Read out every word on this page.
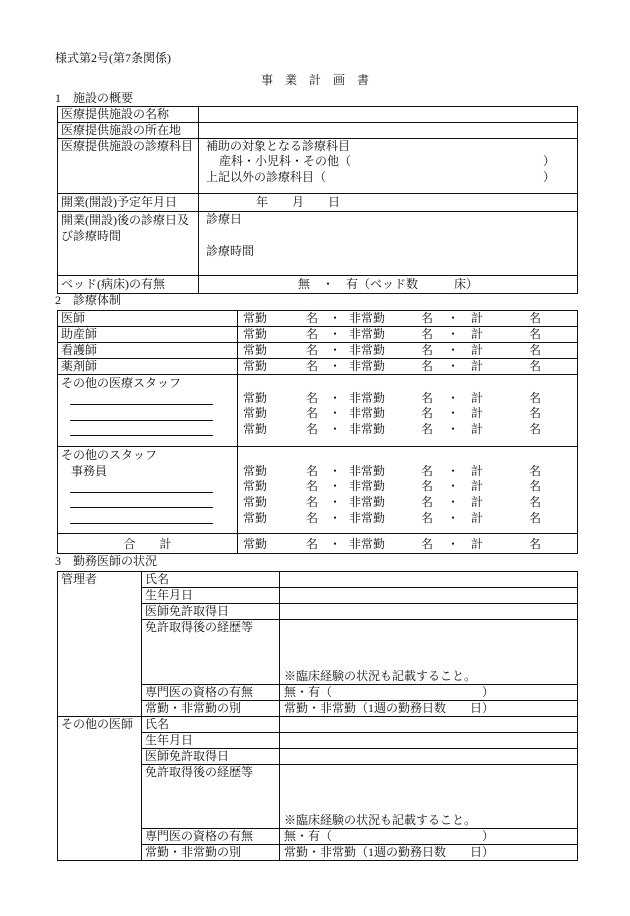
様式第2号(第7条関係)
事　業　計　画　書
1　施設の概要
医療提供施設の名称
医療提供施設の所在地
医療提供施設の診療科目 補助の対象となる診療科目
産科・小児科・その他（	）
上記以外の診療科目（	）
開業(開設)予定年月日	年　　月　　日
開業(開設)後の診療日及び診療時間
診療日
診療時間
ベッド(病床)の有無	無　・　有（ベッド数　　　床）
2　診療体制
医師	常勤	名 ・ 非常勤	名 ・ 計	名
助産師	常勤	名 ・ 非常勤	名 ・ 計	名
看護師	常勤	名 ・ 非常勤	名 ・ 計	名
薬剤師	常勤	名 ・ 非常勤	名 ・ 計	名
その他の医療スタッフ
常勤	名 ・ 非常勤	名 ・ 計	名
常勤	名 ・ 非常勤	名 ・ 計	名
常勤	名 ・ 非常勤	名 ・ 計	名
その他のスタッフ
事務員	常勤	名 ・ 非常勤	名 ・ 計	名
常勤	名 ・ 非常勤	名 ・ 計	名
常勤	名 ・ 非常勤	名 ・ 計	名
常勤	名 ・ 非常勤	名 ・ 計	名
合　　計	常勤	名 ・ 非常勤	名 ・ 計	名
3　勤務医師の状況
管理者	氏名
生年月日
医師免許取得日
免許取得後の経歴等
※臨床経験の状況も記載すること。
専門医の資格の有無	無・有（	）
常勤・非常勤の別	常勤・非常勤（1週の勤務日数　　日）
その他の医師 氏名
生年月日
医師免許取得日
免許取得後の経歴等
※臨床経験の状況も記載すること。
専門医の資格の有無	無・有（	）
常勤・非常勤の別	常勤・非常勤（1週の勤務日数　　日）
